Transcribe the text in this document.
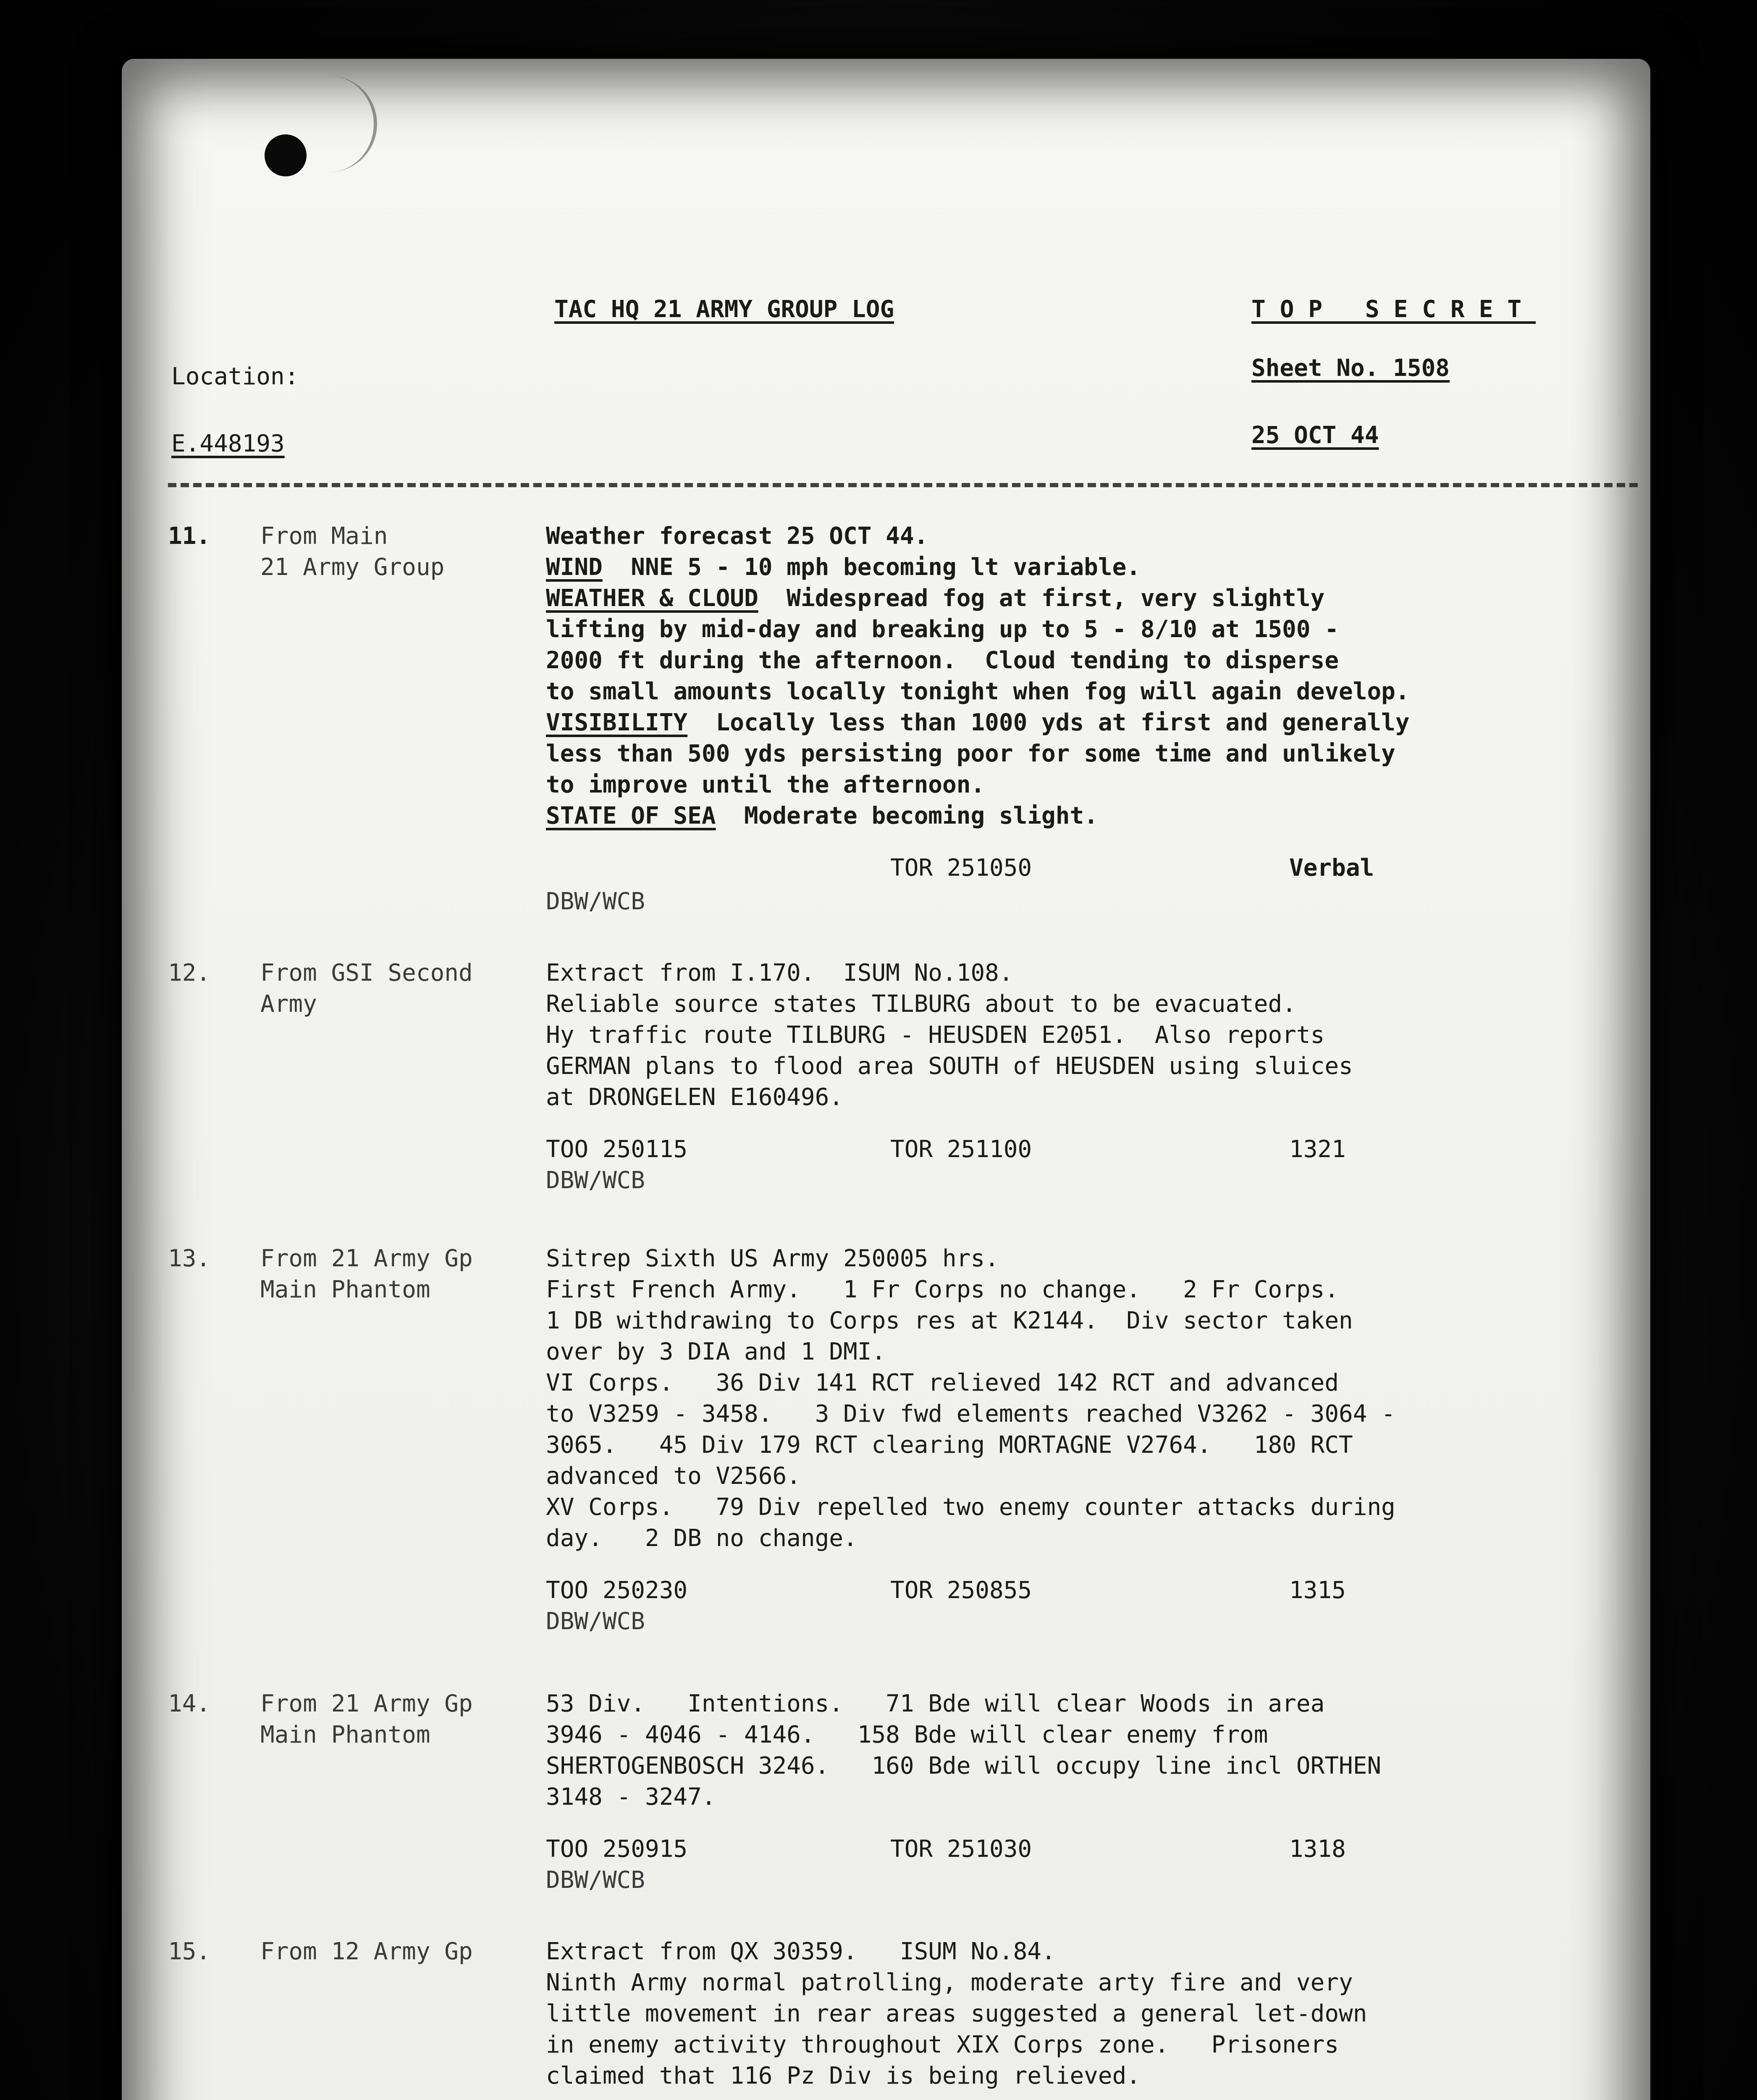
TAC HQ 21 ARMY GROUP LOG	TOP SECRET
Location:	Sheet No. 1508
E.448193	25 OCT 44
11. From Main
21 Army Group
Weather forecast 25 OCT 44.
WIND  NNE 5 - 10 mph becoming lt variable.
WEATHER & CLOUD  Widespread fog at first, very slightly
lifting by mid-day and breaking up to 5 - 8/10 at 1500 -
2000 ft during the afternoon.  Cloud tending to disperse
to small amounts locally tonight when fog will again develop.
VISIBILITY  Locally less than 1000 yds at first and generally
less than 500 yds persisting poor for some time and unlikely
to improve until the afternoon.
STATE OF SEA  Moderate becoming slight.
TOR 251050	Verbal
DBW/WCB
12. From GSI Second
Army
Extract from I.170.  ISUM No.108.
Reliable source states TILBURG about to be evacuated.
Hy traffic route TILBURG - HEUSDEN E2051.  Also reports
GERMAN plans to flood area SOUTH of HEUSDEN using sluices
at DRONGELEN E160496.
TOO 250115	TOR 251100	1321
DBW/WCB
13. From 21 Army Gp
Main Phantom
Sitrep Sixth US Army 250005 hrs.
First French Army.   1 Fr Corps no change.   2 Fr Corps.
1 DB withdrawing to Corps res at K2144.  Div sector taken
over by 3 DIA and 1 DMI.
VI Corps.   36 Div 141 RCT relieved 142 RCT and advanced
to V3259 - 3458.   3 Div fwd elements reached V3262 - 3064 -
3065.   45 Div 179 RCT clearing MORTAGNE V2764.   180 RCT
advanced to V2566.
XV Corps.   79 Div repelled two enemy counter attacks during
day.   2 DB no change.
TOO 250230	TOR 250855	1315
DBW/WCB
14. From 21 Army Gp
Main Phantom
53 Div.   Intentions.   71 Bde will clear Woods in area
3946 - 4046 - 4146.   158 Bde will clear enemy from
SHERTOGENBOSCH 3246.   160 Bde will occupy line incl ORTHEN
3148 - 3247.
TOO 250915	TOR 251030	1318
DBW/WCB
15. From 12 Army Gp	Extract from QX 30359.   ISUM No.84.
Ninth Army normal patrolling, moderate arty fire and very
little movement in rear areas suggested a general let-down
in enemy activity throughout XIX Corps zone.   Prisoners
claimed that 116 Pz Div is being relieved.
